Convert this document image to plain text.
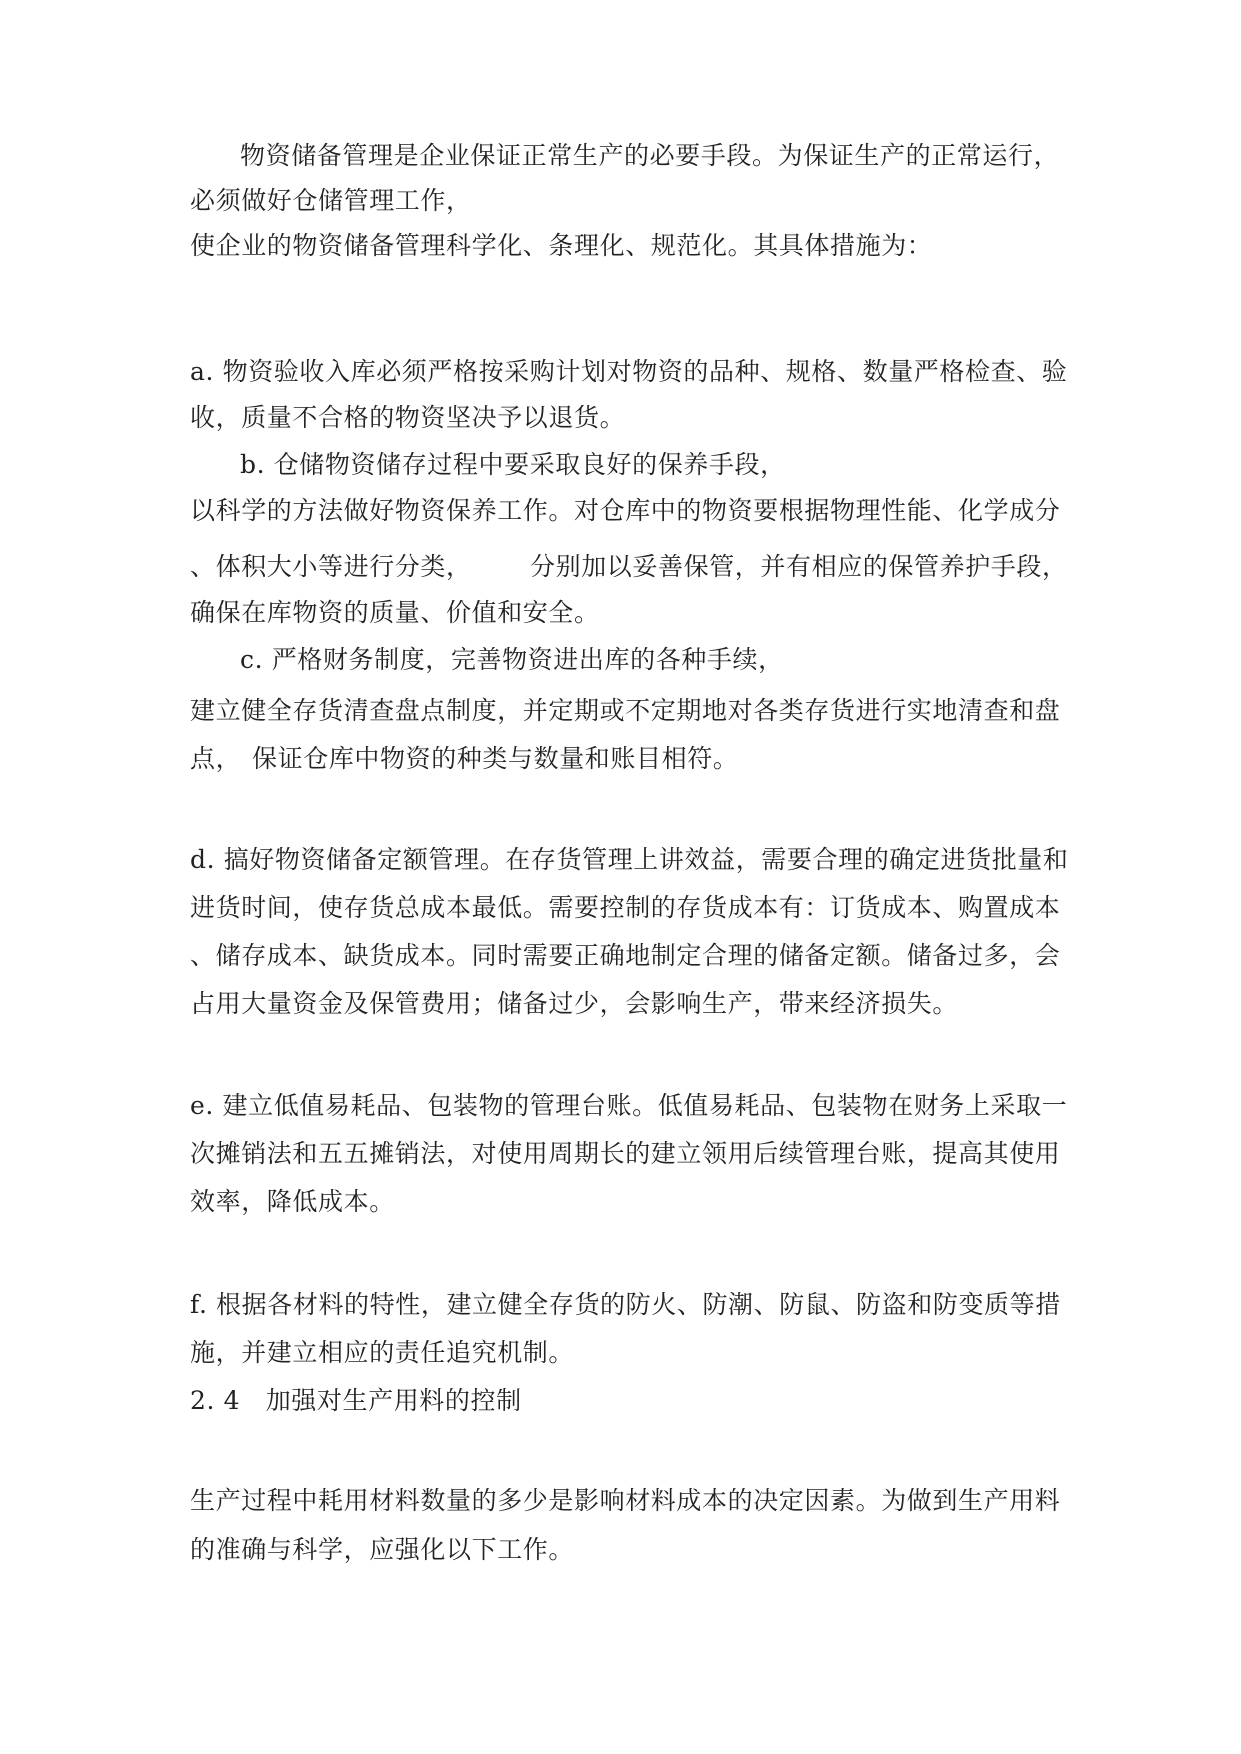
物资储备管理是企业保证正常生产的必要手段。为保证生产的正常运行，
必须做好仓储管理工作，
使企业的物资储备管理科学化、条理化、规范化。其具体措施为：
a. 物资验收入库必须严格按采购计划对物资的品种、规格、数量严格检查、验
收，质量不合格的物资坚决予以退货。
b. 仓储物资储存过程中要采取良好的保养手段，
以科学的方法做好物资保养工作。对仓库中的物资要根据物理性能、化学成分
、体积大小等进行分类， 分别加以妥善保管，并有相应的保管养护手段，
确保在库物资的质量、价值和安全。
c. 严格财务制度，完善物资进出库的各种手续，
建立健全存货清查盘点制度，并定期或不定期地对各类存货进行实地清查和盘
点， 保证仓库中物资的种类与数量和账目相符。
d. 搞好物资储备定额管理。在存货管理上讲效益，需要合理的确定进货批量和
进货时间，使存货总成本最低。需要控制的存货成本有：订货成本、购置成本
、储存成本、缺货成本。同时需要正确地制定合理的储备定额。储备过多，会
占用大量资金及保管费用；储备过少，会影响生产，带来经济损失。
e. 建立低值易耗品、包装物的管理台账。低值易耗品、包装物在财务上采取一
次摊销法和五五摊销法，对使用周期长的建立领用后续管理台账，提高其使用
效率，降低成本。
f. 根据各材料的特性，建立健全存货的防火、防潮、防鼠、防盗和防变质等措
施，并建立相应的责任追究机制。
2. 4　加强对生产用料的控制
生产过程中耗用材料数量的多少是影响材料成本的决定因素。为做到生产用料
的准确与科学，应强化以下工作。
